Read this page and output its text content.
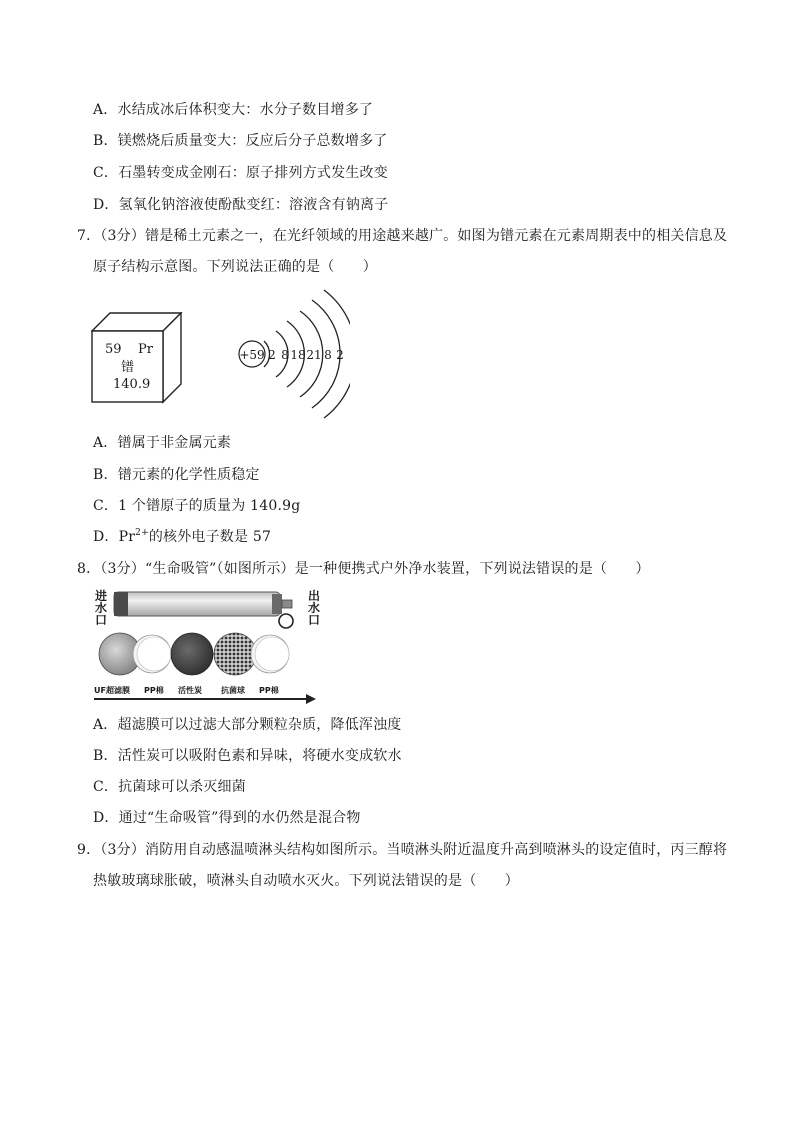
A．水结成冰后体积变大：水分子数目增多了
B．镁燃烧后质量变大：反应后分子总数增多了
C．石墨转变成金刚石：原子排列方式发生改变
D．氢氧化钠溶液使酚酞变红：溶液含有钠离子
7．（3分）镨是稀土元素之一，在光纤领域的用途越来越广。如图为镨元素在元素周期表中的相关信息及
原子结构示意图。下列说法正确的是（　　）
59 Pr
镨
140.9
+59 2 8 18 21 8 2
A．镨属于非金属元素
B．镨元素的化学性质稳定
C．1 个镨原子的质量为 140.9g
D．$Pr^{2+}$的核外电子数是 57
8．（3分）“生命吸管”（如图所示）是一种便携式户外净水装置，下列说法错误的是（　　）
进
水
口
出
水
口
UF超滤膜 PP棉 活性炭 抗菌球 PP棉
A．超滤膜可以过滤大部分颗粒杂质，降低浑浊度
B．活性炭可以吸附色素和异味，将硬水变成软水
C．抗菌球可以杀灭细菌
D．通过“生命吸管”得到的水仍然是混合物
9．（3分）消防用自动感温喷淋头结构如图所示。当喷淋头附近温度升高到喷淋头的设定值时，丙三醇将
热敏玻璃球胀破，喷淋头自动喷水灭火。下列说法错误的是（　　）
